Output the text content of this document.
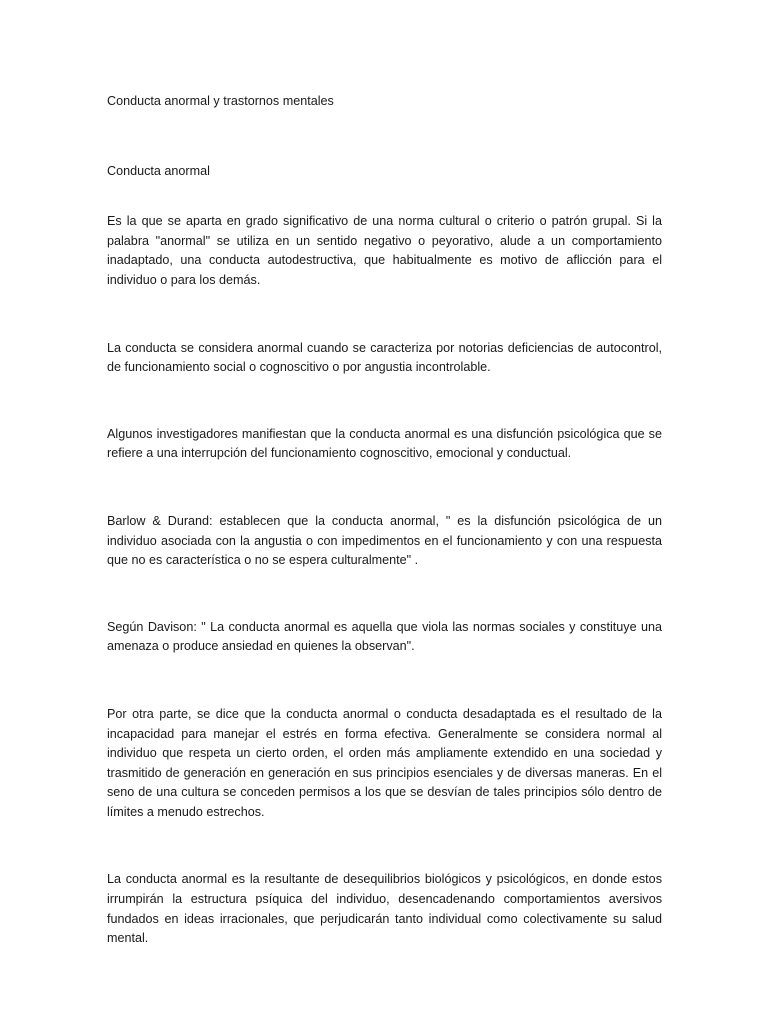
Conducta anormal y trastornos mentales

Conducta anormal

Es la que se aparta en grado significativo de una norma cultural o criterio o patrón grupal. Si la palabra "anormal" se utiliza en un sentido negativo o peyorativo, alude a un comportamiento inadaptado, una conducta autodestructiva, que habitualmente es motivo de aflicción para el individuo o para los demás.

La conducta se considera anormal cuando se caracteriza por notorias deficiencias de autocontrol, de funcionamiento social o cognoscitivo o por angustia incontrolable.

Algunos investigadores manifiestan que la conducta anormal es una disfunción psicológica que se refiere a una interrupción del funcionamiento cognoscitivo, emocional y conductual.

Barlow & Durand: establecen que la conducta anormal, " es la disfunción psicológica de un individuo asociada con la angustia o con impedimentos en el funcionamiento y con una respuesta que no es característica o no se espera culturalmente" .

Según Davison: " La conducta anormal es aquella que viola las normas sociales y constituye una amenaza o produce ansiedad en quienes la observan".

Por otra parte, se dice que la conducta anormal o conducta desadaptada es el resultado de la incapacidad para manejar el estrés en forma efectiva. Generalmente se considera normal al individuo que respeta un cierto orden, el orden más ampliamente extendido en una sociedad y trasmitido de generación en generación en sus principios esenciales y de diversas maneras. En el seno de una cultura se conceden permisos a los que se desvían de tales principios sólo dentro de límites a menudo estrechos.

La conducta anormal es la resultante de desequilibrios biológicos y psicológicos, en donde estos irrumpirán la estructura psíquica del individuo, desencadenando comportamientos aversivos fundados en ideas irracionales, que perjudicarán tanto individual como colectivamente su salud mental.
